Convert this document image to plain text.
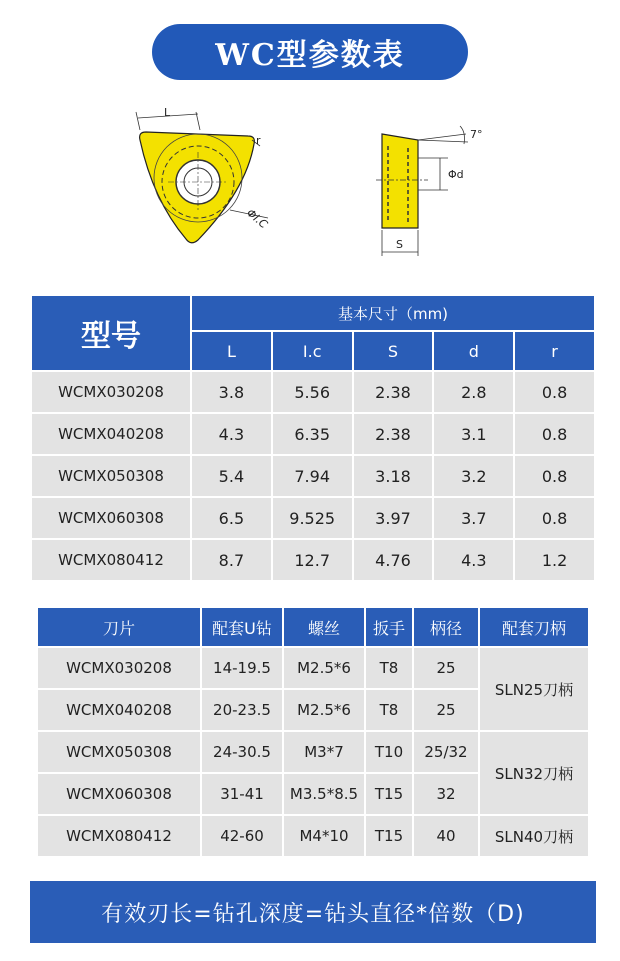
WC型参数表
L
r
ΦI.C
7°
Φd
S
型号	基本尺寸（mm)				
	L	I.c	S	d	r
WCMX030208	3.8	5.56	2.38	2.8	0.8
WCMX040208	4.3	6.35	2.38	3.1	0.8
WCMX050308	5.4	7.94	3.18	3.2	0.8
WCMX060308	6.5	9.525	3.97	3.7	0.8
WCMX080412	8.7	12.7	4.76	4.3	1.2
刀片	配套U钻	螺丝	扳手	柄径	配套刀柄
WCMX030208	14-19.5	M2.5*6	T8	25	SLN25刀柄
WCMX040208	20-23.5	M2.5*6	T8	25	
WCMX050308	24-30.5	M3*7	T10	25/32	SLN32刀柄
WCMX060308	31-41	M3.5*8.5	T15	32	
WCMX080412	42-60	M4*10	T15	40	SLN40刀柄
有效刃长=钻孔深度=钻头直径*倍数（D)
